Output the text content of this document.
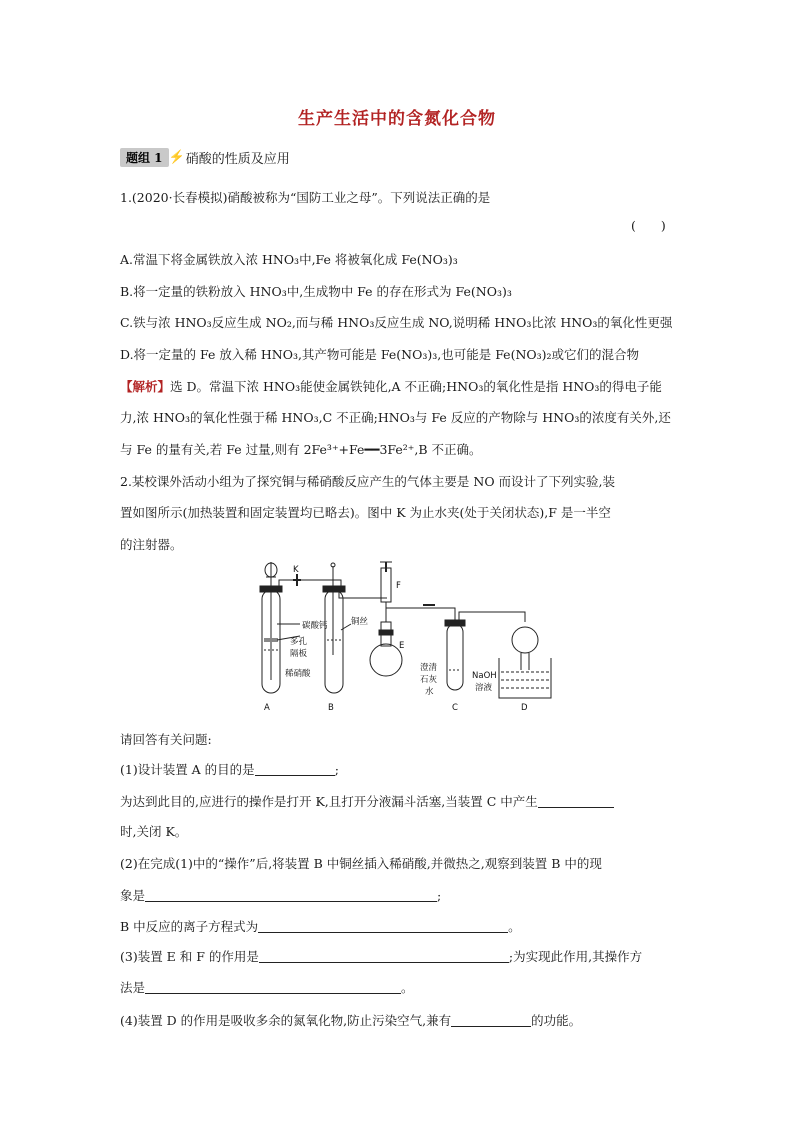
生产生活中的含氮化合物
题组 1 ⚡ 硝酸的性质及应用
1.(2020·长春模拟)硝酸被称为“国防工业之母”。下列说法正确的是
(　　)
A.常温下将金属铁放入浓 HNO₃中,Fe 将被氧化成 Fe(NO₃)₃
B.将一定量的铁粉放入 HNO₃中,生成物中 Fe 的存在形式为 Fe(NO₃)₃
C.铁与浓 HNO₃反应生成 NO₂,而与稀 HNO₃反应生成 NO,说明稀 HNO₃比浓 HNO₃的氧化性更强
D.将一定量的 Fe 放入稀 HNO₃,其产物可能是 Fe(NO₃)₃,也可能是 Fe(NO₃)₂或它们的混合物
【解析】选 D。常温下浓 HNO₃能使金属铁钝化,A 不正确;HNO₃的氧化性是指 HNO₃的得电子能
力,浓 HNO₃的氧化性强于稀 HNO₃,C 不正确;HNO₃与 Fe 反应的产物除与 HNO₃的浓度有关外,还
与 Fe 的量有关,若 Fe 过量,则有 2Fe³⁺+Fe━━3Fe²⁺,B 不正确。
2.某校课外活动小组为了探究铜与稀硝酸反应产生的气体主要是 NO 而设计了下列实验,装
置如图所示(加热装置和固定装置均已略去)。图中 K 为止水夹(处于关闭状态),F 是一半空
的注射器。
K
F
E
碳酸钙
多孔
隔板
稀硝酸
铜丝
澄清
石灰
水
NaOH
溶液
A	B	C	D
请回答有关问题:
(1)设计装置 A 的目的是	;
为达到此目的,应进行的操作是打开 K,且打开分液漏斗活塞,当装置 C 中产生
时,关闭 K。
(2)在完成(1)中的“操作”后,将装置 B 中铜丝插入稀硝酸,并微热之,观察到装置 B 中的现
象是	;
B 中反应的离子方程式为	。
(3)装置 E 和 F 的作用是	;为实现此作用,其操作方
法是	。
(4)装置 D 的作用是吸收多余的氮氧化物,防止污染空气,兼有	的功能。
